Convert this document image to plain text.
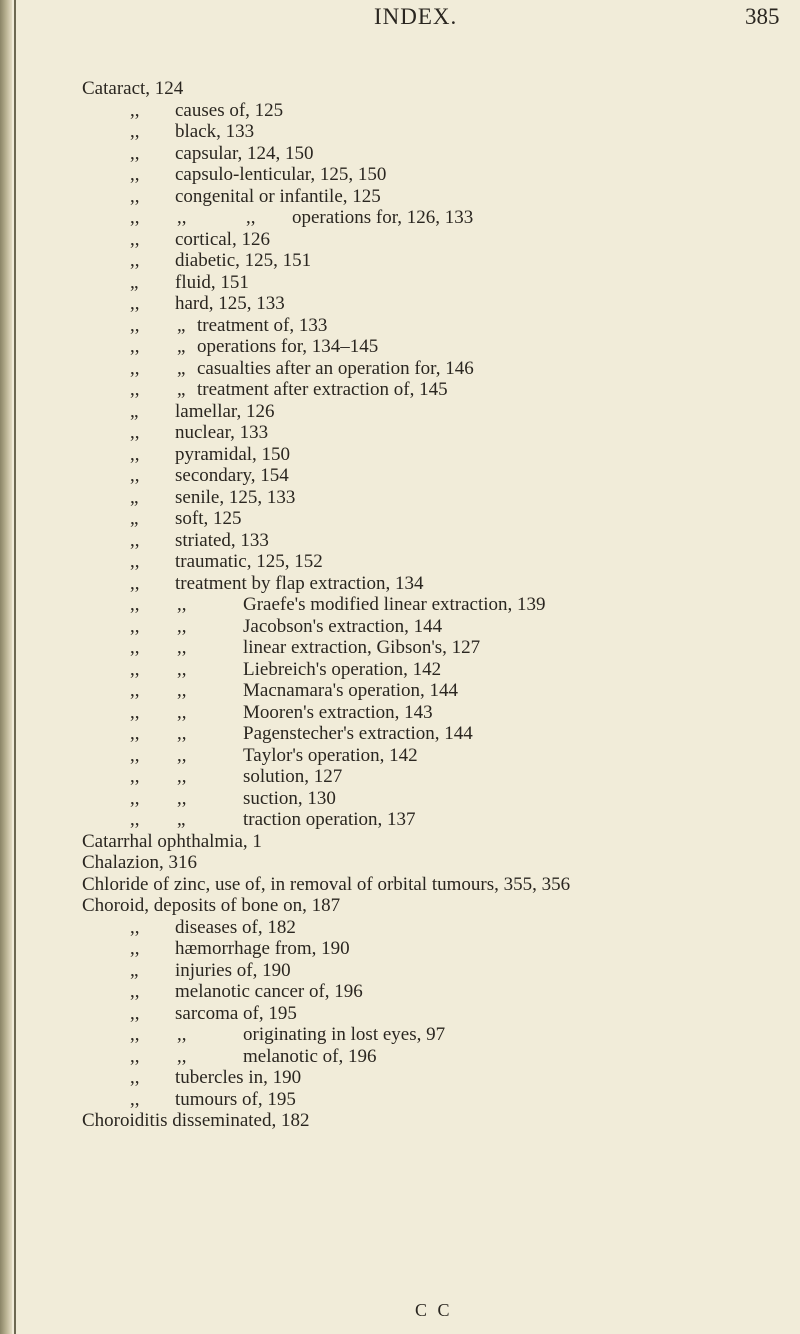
INDEX.	385
Cataract, 124
,, causes of, 125
,, black, 133
,, capsular, 124, 150
,, capsulo-lenticular, 125, 150
,, congenital or infantile, 125
,, ,,	,, operations for, 126, 133
,, cortical, 126
,, diabetic, 125, 151
„ fluid, 151
,, hard, 125, 133
,, „ treatment of, 133
,, „ operations for, 134–145
,, „ casualties after an operation for, 146
,, „ treatment after extraction of, 145
„ lamellar, 126
,, nuclear, 133
,, pyramidal, 150
,, secondary, 154
„ senile, 125, 133
„ soft, 125
,, striated, 133
,, traumatic, 125, 152
,, treatment by flap extraction, 134
,, ,,	Graefe's modified linear extraction, 139
,, ,,	Jacobson's extraction, 144
,, ,,	linear extraction, Gibson's, 127
,, ,,	Liebreich's operation, 142
,, ,,	Macnamara's operation, 144
,, ,,	Mooren's extraction, 143
,, ,,	Pagenstecher's extraction, 144
,, ,,	Taylor's operation, 142
,, ,,	solution, 127
,, ,,	suction, 130
,, „	traction operation, 137
Catarrhal ophthalmia, 1
Chalazion, 316
Chloride of zinc, use of, in removal of orbital tumours, 355, 356
Choroid, deposits of bone on, 187
,, diseases of, 182
,, hæmorrhage from, 190
„ injuries of, 190
,, melanotic cancer of, 196
,, sarcoma of, 195
,, ,,	originating in lost eyes, 97
,, ,,	melanotic of, 196
,, tubercles in, 190
,, tumours of, 195
Choroiditis disseminated, 182
C C
